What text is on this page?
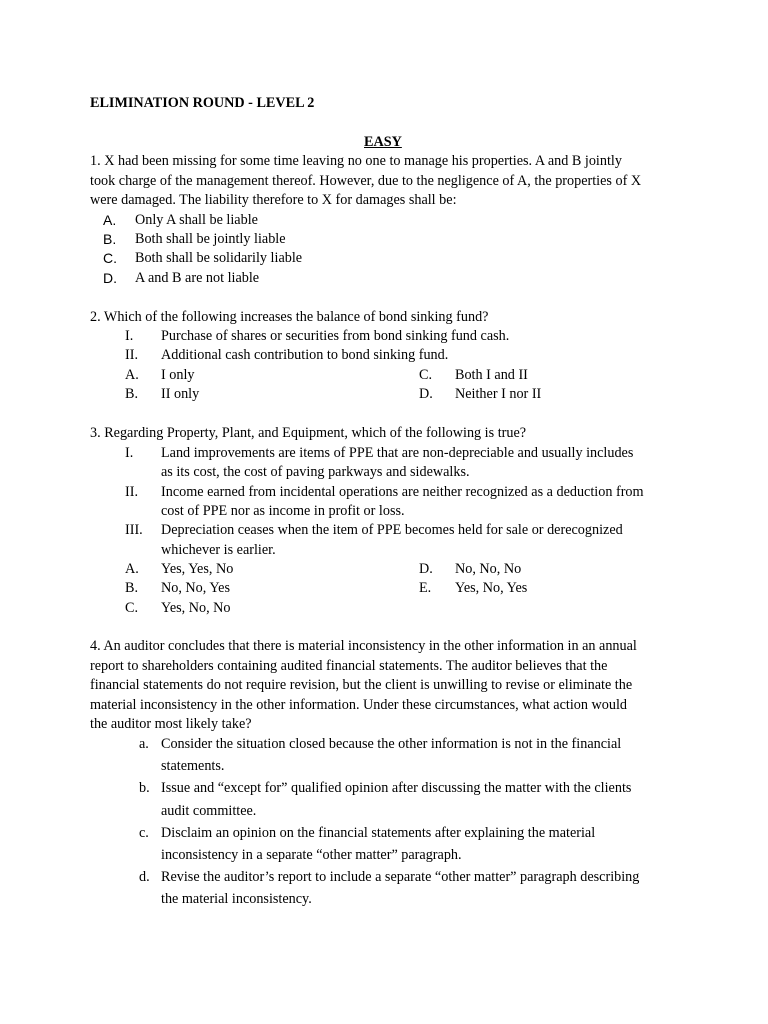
ELIMINATION ROUND - LEVEL 2
EASY
1. X had been missing for some time leaving no one to manage his properties. A and B jointly
took charge of the management thereof. However, due to the negligence of A, the properties of X
were damaged. The liability therefore to X for damages shall be:
A. Only A shall be liable
B. Both shall be jointly liable
C. Both shall be solidarily liable
D. A and B are not liable
2. Which of the following increases the balance of bond sinking fund?
I. Purchase of shares or securities from bond sinking fund cash.
II. Additional cash contribution to bond sinking fund.
A. I only	C. Both I and II
B. II only	D. Neither I nor II
3. Regarding Property, Plant, and Equipment, which of the following is true?
I. Land improvements are items of PPE that are non-depreciable and usually includes
as its cost, the cost of paving parkways and sidewalks.
II. Income earned from incidental operations are neither recognized as a deduction from
cost of PPE nor as income in profit or loss.
III. Depreciation ceases when the item of PPE becomes held for sale or derecognized
whichever is earlier.
A. Yes, Yes, No	D. No, No, No
B. No, No, Yes	E. Yes, No, Yes
C. Yes, No, No
4. An auditor concludes that there is material inconsistency in the other information in an annual
report to shareholders containing audited financial statements. The auditor believes that the
financial statements do not require revision, but the client is unwilling to revise or eliminate the
material inconsistency in the other information. Under these circumstances, what action would
the auditor most likely take?
a. Consider the situation closed because the other information is not in the financial
statements.
b. Issue and “except for” qualified opinion after discussing the matter with the clients
audit committee.
c. Disclaim an opinion on the financial statements after explaining the material
inconsistency in a separate “other matter” paragraph.
d. Revise the auditor’s report to include a separate “other matter” paragraph describing
the material inconsistency.
